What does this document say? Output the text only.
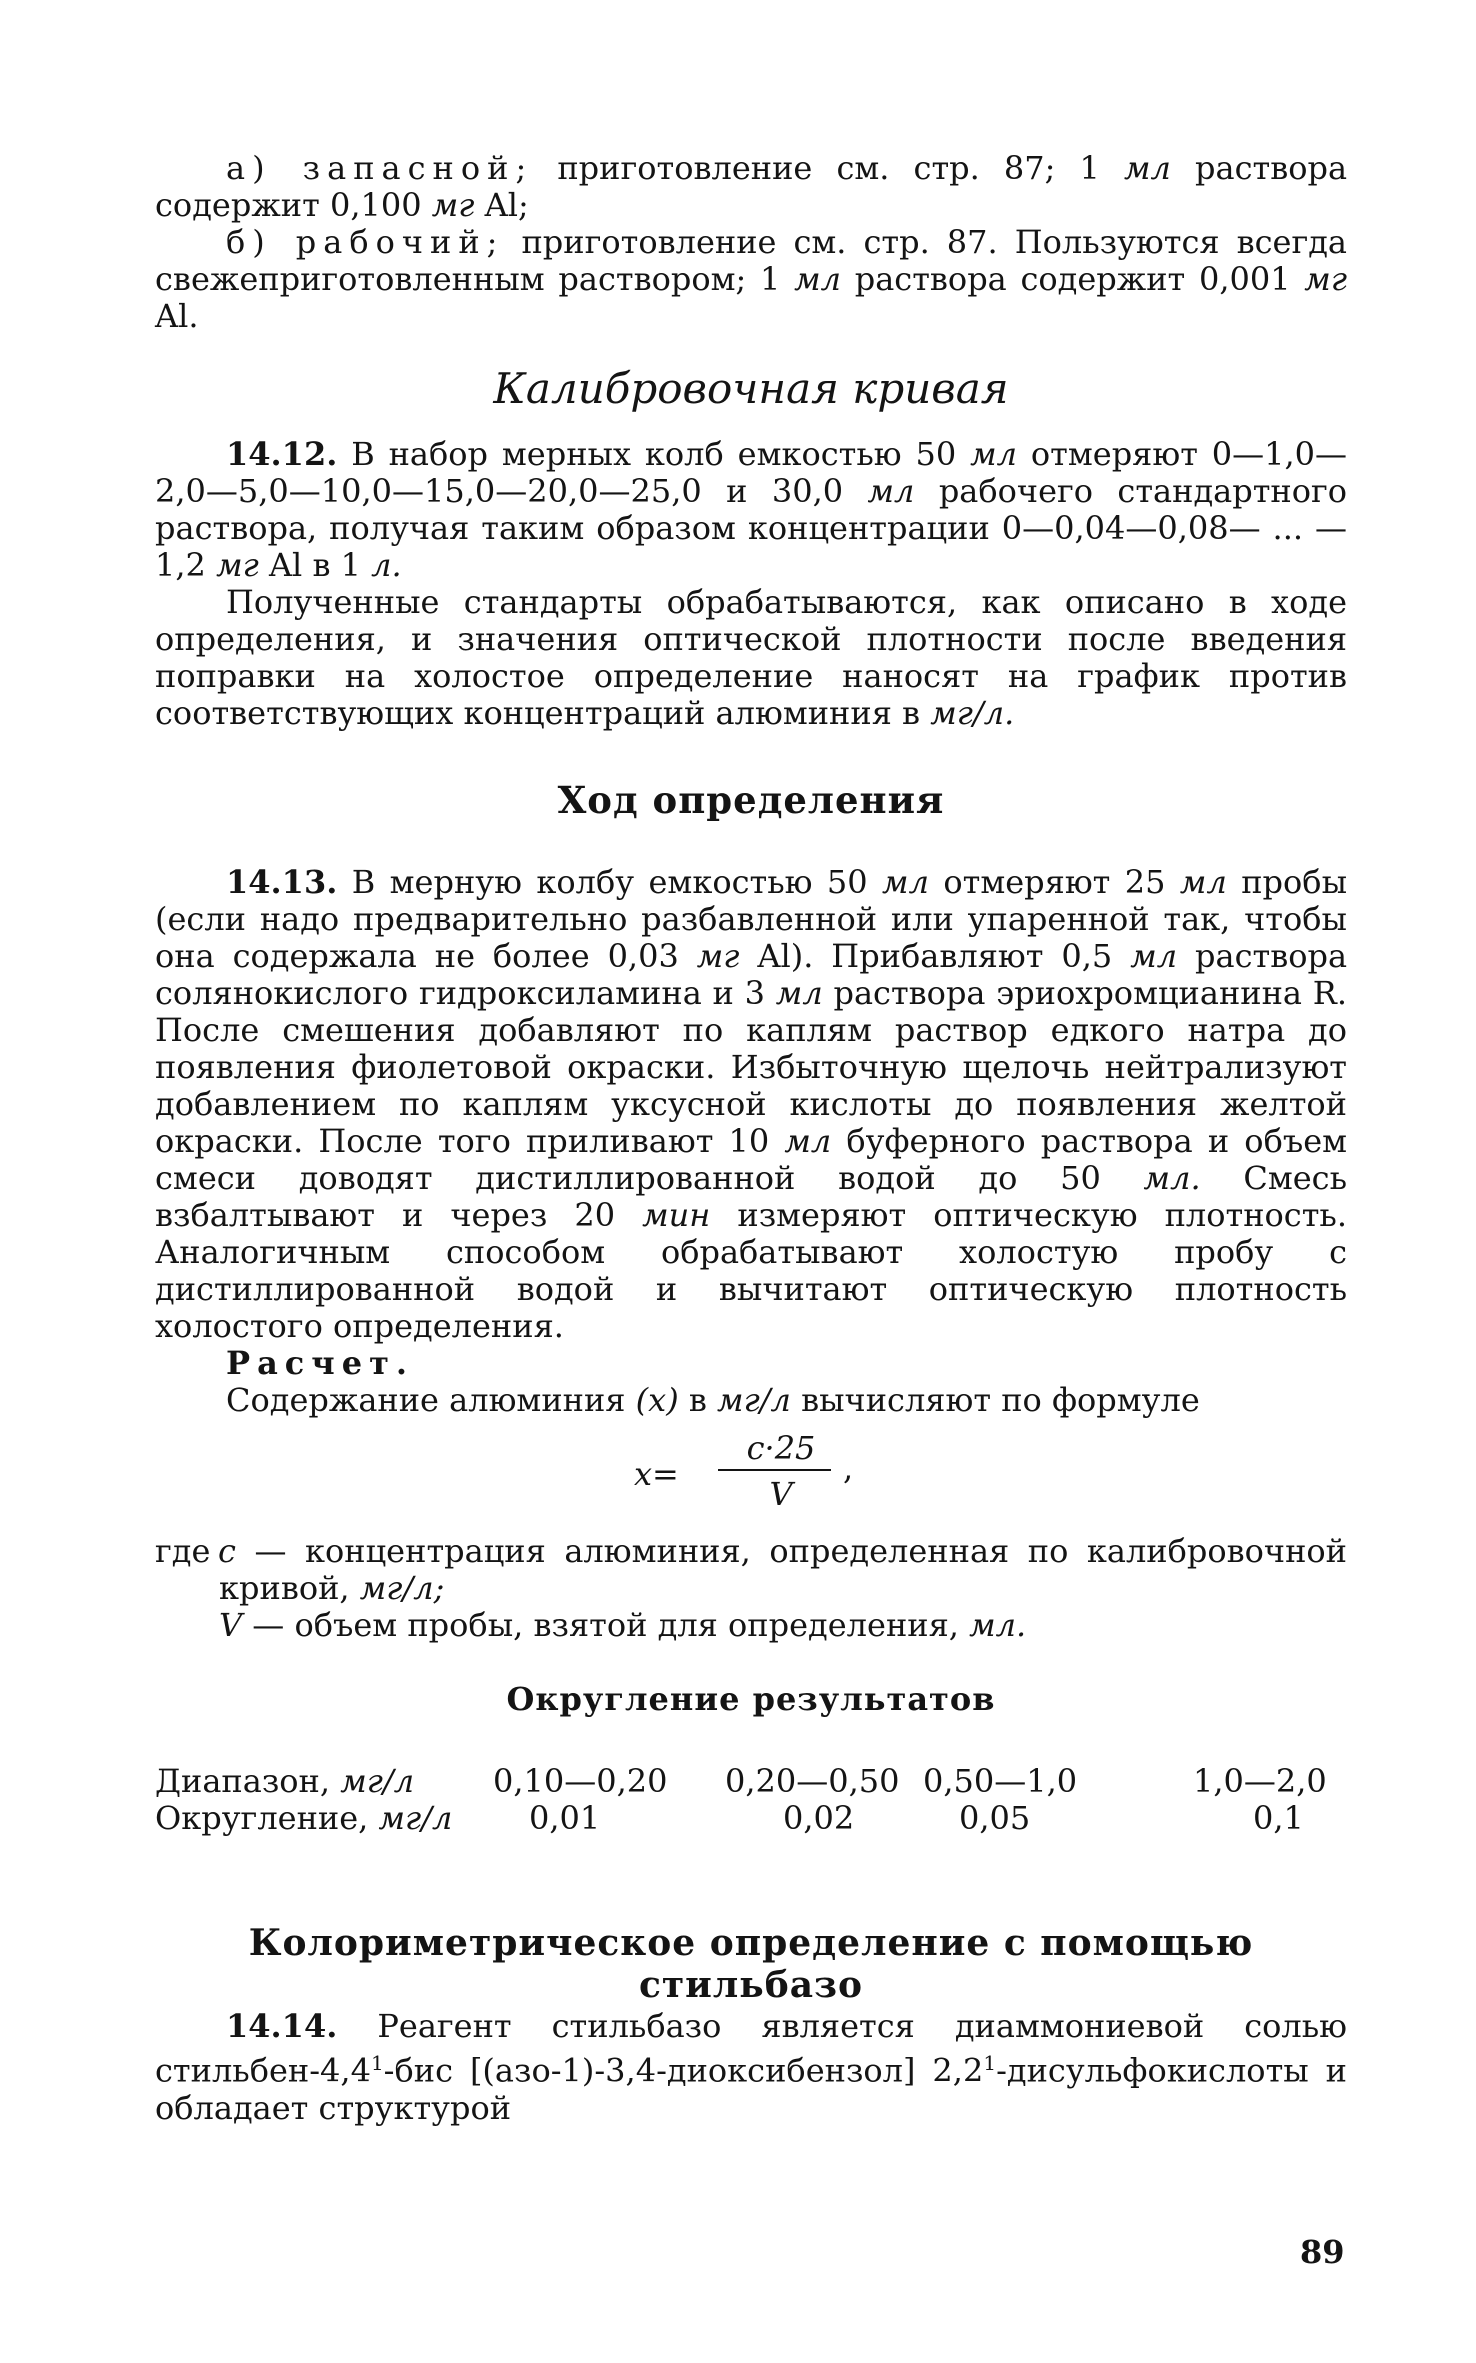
а) запасной; приготовление см. стр. 87; 1 мл раствора содержит 0,100 мг Al;

б) рабочий; приготовление см. стр. 87. Пользуются всегда свежеприготовленным раствором; 1 мл раствора содержит 0,001 мг Al.

Калибровочная кривая

14.12. В набор мерных колб емкостью 50 мл отмеряют 0—1,0—2,0—5,0—10,0—15,0—20,0—25,0 и 30,0 мл рабочего стандартного раствора, получая таким образом концентрации 0—0,04—0,08— ... — 1,2 мг Al в 1 л.

Полученные стандарты обрабатываются, как описано в ходе определения, и значения оптической плотности после введения поправки на холостое определение наносят на график против соответствующих концентраций алюминия в мг/л.

Ход определения

14.13. В мерную колбу емкостью 50 мл отмеряют 25 мл пробы (если надо предварительно разбавленной или упаренной так, чтобы она содержала не более 0,03 мг Al). Прибавляют 0,5 мл раствора солянокислого гидроксиламина и 3 мл раствора эриохромцианина R. После смешения добавляют по каплям раствор едкого натра до появления фиолетовой окраски. Избыточную щелочь нейтрализуют добавлением по каплям уксусной кислоты до появления желтой окраски. После того приливают 10 мл буферного раствора и объем смеси доводят дистиллированной водой до 50 мл. Смесь взбалтывают и через 20 мин измеряют оптическую плотность. Аналогичным способом обрабатывают холостую пробу с дистиллированной водой и вычитают оптическую плотность холостого определения.

Расчет.

Содержание алюминия (x) в мг/л вычисляют по формуле

x=
c·25
V
,
где c — концентрация алюминия, определенная по калибровочной кривой, мг/л;
V — объем пробы, взятой для определения, мл.
Округление результатов
Диапазон, мг/л	0,10—0,20	0,20—0,50	0,50—1,0	1,0—2,0
Округление, мг/л	0,01	0,02	0,05	0,1
Колориметрическое определение с помощью стильбазо

14.14. Реагент стильбазо является диаммониевой солью стильбен-$4,4^1$-бис [(азо-1)-3,4-диоксибензол] $2,2^1$-дисульфокислоты и обладает структурой

89
